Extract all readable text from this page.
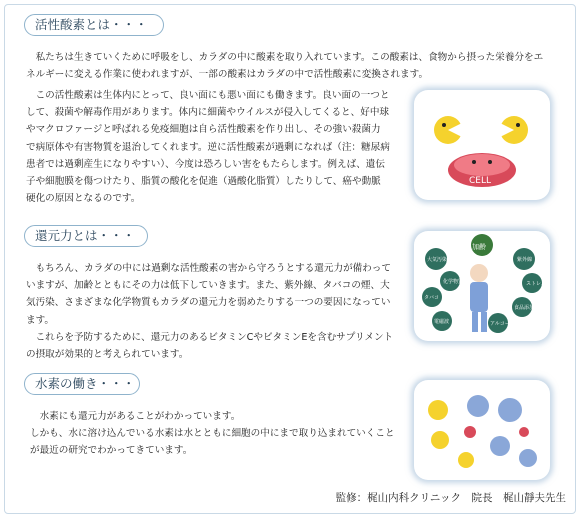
活性酸素とは・・・

私たちは生きていくために呼吸をし、カラダの中に酸素を取り入れています。この酸素は、食物から摂った栄養分をエネルギーに変える作業に使われますが、一部の酸素はカラダの中で活性酸素に変換されます。

この活性酸素は生体内にとって、良い面にも悪い面にも働きます。良い面の一つとして、殺菌や解毒作用があります。体内に細菌やウイルスが侵入してくると、好中球やマクロファージと呼ばれる免疫細胞は自ら活性酸素を作り出し、その強い殺菌力で病原体や有害物質を退治してくれます。逆に活性酸素が過剰になれば（注：糖尿病患者では過剰産生になりやすい）、今度は恐ろしい害をもたらします。例えば、遺伝子や細胞膜を傷つけたり、脂質の酸化を促進（過酸化脂質）したりして、癌や動脈硬化の原因となるのです。

CELL
還元力とは・・・

もちろん、カラダの中には過剰な活性酸素の害から守ろうとする還元力が備わっていますが、加齢とともにその力は低下していきます。また、紫外線、タバコの煙、大気汚染、さまざまな化学物質もカラダの還元力を弱めたりする一つの要因になっています。

これらを予防するために、還元力のあるビタミンCやビタミンEを含むサプリメントの摂取が効果的と考えられています。

加齢
大気汚染	紫外線
ストレス
タバコ
化学物質
食品添加物
アルコール
電磁波
水素の働き・・・

水素にも還元力があることがわかっています。

しかも、水に溶け込んでいる水素は水とともに細胞の中にまで取り込まれていくことが最近の研究でわかってきています。

監修：梶山内科クリニック　院長　梶山靜夫先生
